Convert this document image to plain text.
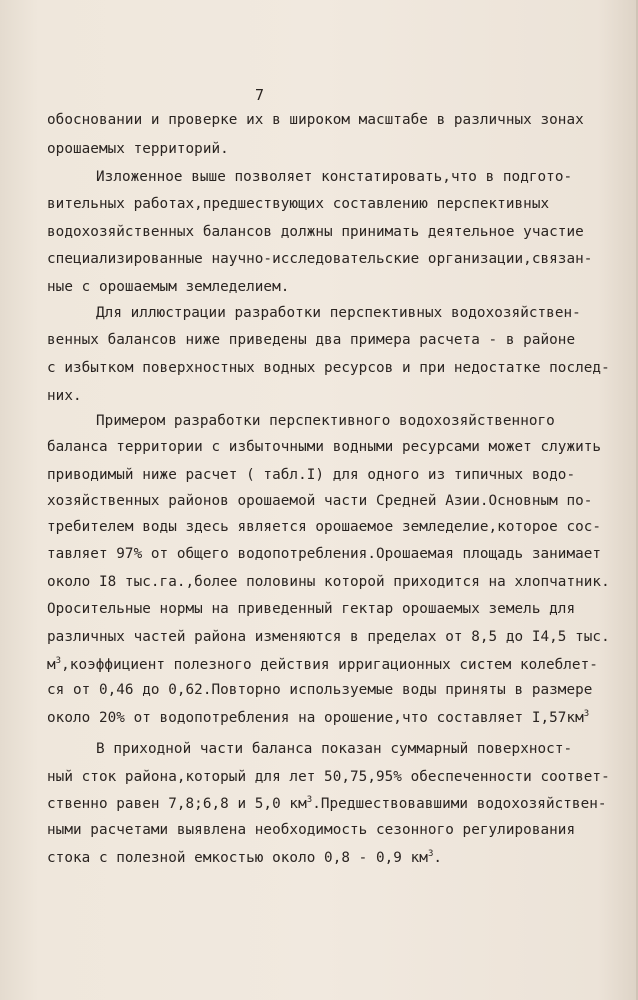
7
обосновании и проверке их в широком масштабе в различных зонах
орошаемых территорий.
Изложенное выше позволяет констатировать,что в подгото-
вительных работах,предшествующих составлению перспективных
водохозяйственных балансов должны принимать деятельное участие
специализированные научно-исследовательские организации,связан-
ные с орошаемым земледелием.
Для иллюстрации разработки перспективных водохозяйствен-
венных балансов ниже приведены два примера расчета - в районе
с избытком поверхностных водных ресурсов и при недостатке послед-
них.
Примером разработки перспективного водохозяйственного
баланса территории с избыточными водными ресурсами может служить
приводимый ниже расчет ( табл.I) для одного из типичных водо-
хозяйственных районов орошаемой части Средней Азии.Основным по-
требителем воды здесь является орошаемое земледелие,которое сос-
тавляет 97% от общего водопотребления.Орошаемая площадь занимает
около I8 тыс.га.,более половины которой приходится на хлопчатник.
Оросительные нормы на приведенный гектар орошаемых земель для
различных частей района изменяются в пределах от 8,5 до I4,5 тыс.
$м^3,коэффициент$ полезного действия ирригационных систем колеблет-
ся от 0,46 до 0,62.Повторно используемые воды приняты в размере
около 20% от водопотребления на орошение,что составляет $I,57км^3$
В приходной части баланса показан суммарный поверхност-
ный сток района,который для лет 50,75,95% обеспеченности соответ-
ственно равен 7,8;6,8 и 5,0 $км^3.Предшествовавшими$ водохозяйствен-
ными расчетами выявлена необходимость сезонного регулирования
стока с полезной емкостью около 0,8 - 0,9 $км^3$.
